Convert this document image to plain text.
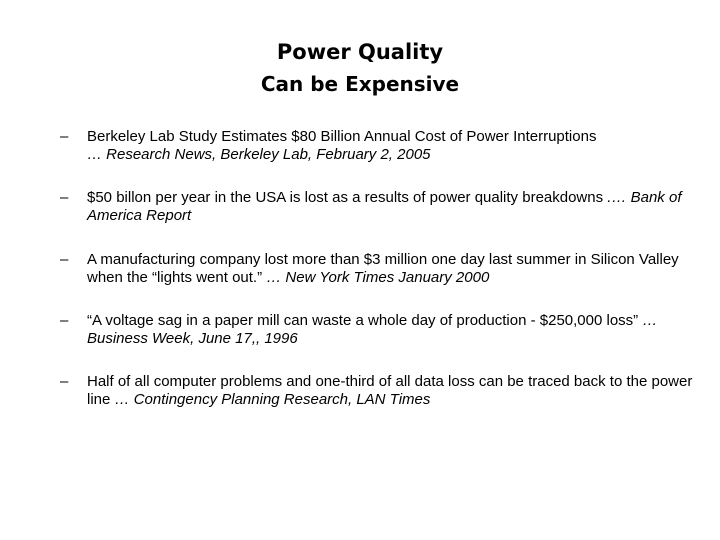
Power Quality
Can be Expensive
– Berkeley Lab Study Estimates $80 Billion Annual Cost of Power Interruptions
… Research News, Berkeley Lab, February 2, 2005
– $50 billon per year in the USA is lost as a results of power quality breakdowns .… Bank of America Report
– A manufacturing company lost more than $3 million one day last summer in Silicon Valley when the “lights went out.” … New York Times January 2000
– “A voltage sag in a paper mill can waste a whole day of production - $250,000 loss” … Business Week, June 17,, 1996
– Half of all computer problems and one-third of all data loss can be traced back to the power line … Contingency Planning Research, LAN Times
